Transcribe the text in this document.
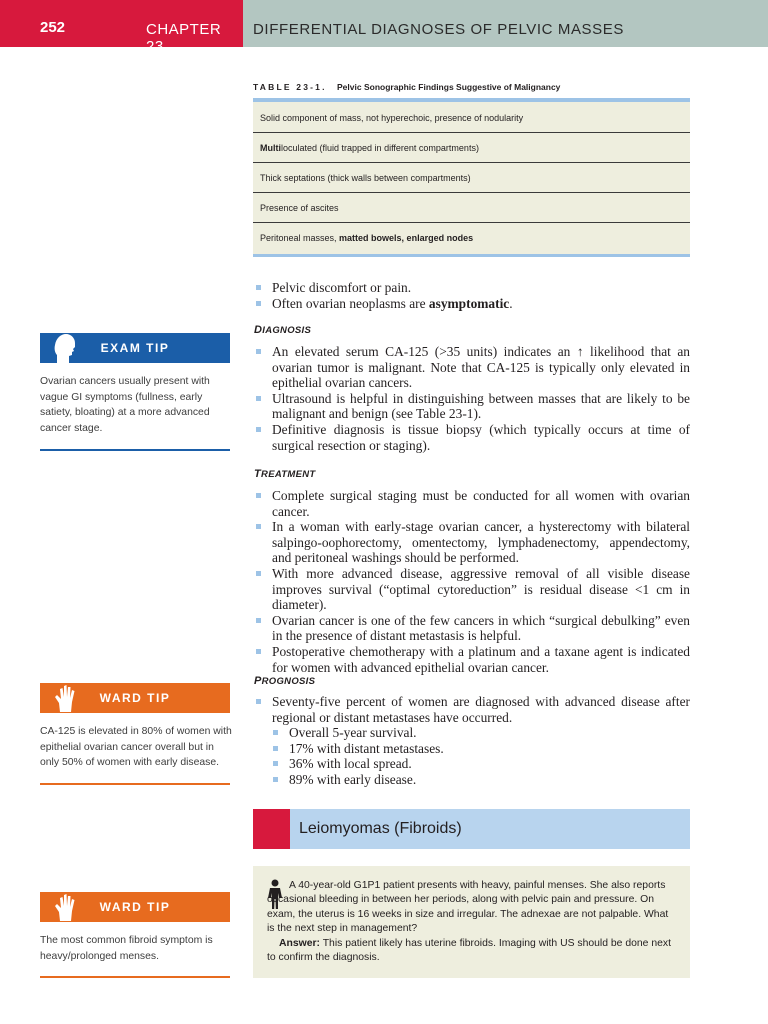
252	CHAPTER 23
DIFFERENTIAL DIAGNOSES OF PELVIC MASSES
TABLE 23-1. Pelvic Sonographic Findings Suggestive of Malignancy
Solid component of mass, not hyperechoic, presence of nodularity
Multiloculated (fluid trapped in different compartments)
Thick septations (thick walls between compartments)
Presence of ascites
Peritoneal masses, matted bowels, enlarged nodes
Pelvic discomfort or pain.
Often ovarian neoplasms are asymptomatic.
DIAGNOSIS
An elevated serum CA-125 (>35 units) indicates an ↑ likelihood that an ovarian tumor is malignant. Note that CA-125 is typically only elevated in epithelial ovarian cancers.
Ultrasound is helpful in distinguishing between masses that are likely to be malignant and benign (see Table 23-1).
Definitive diagnosis is tissue biopsy (which typically occurs at time of surgical resection or staging).
TREATMENT
Complete surgical staging must be conducted for all women with ovarian cancer.
In a woman with early-stage ovarian cancer, a hysterectomy with bilateral salpingo-oophorectomy, omentectomy, lymphadenectomy, appendectomy, and peritoneal washings should be performed.
With more advanced disease, aggressive removal of all visible disease improves survival (“optimal cytoreduction” is residual disease <1 cm in diameter).
Ovarian cancer is one of the few cancers in which “surgical debulking” even in the presence of distant metastasis is helpful.
Postoperative chemotherapy with a platinum and a taxane agent is indicated for women with advanced epithelial ovarian cancer.
PROGNOSIS
Seventy-five percent of women are diagnosed with advanced disease after regional or distant metastases have occurred.
Overall 5-year survival.
17% with distant metastases.
36% with local spread.
89% with early disease.
EXAM TIP
Ovarian cancers usually present with vague GI symptoms (fullness, early satiety, bloating) at a more advanced cancer stage.
WARD TIP
CA-125 is elevated in 80% of women with epithelial ovarian cancer overall but in only 50% of women with early disease.
Leiomyomas (Fibroids)
WARD TIP
The most common fibroid symptom is heavy/prolonged menses.
A 40-year-old G1P1 patient presents with heavy, painful menses. She also reports occasional bleeding in between her periods, along with pelvic pain and pressure. On exam, the uterus is 16 weeks in size and irregular. The adnexae are not palpable. What is the next step in management?
Answer: This patient likely has uterine fibroids. Imaging with US should be done next to confirm the diagnosis.
